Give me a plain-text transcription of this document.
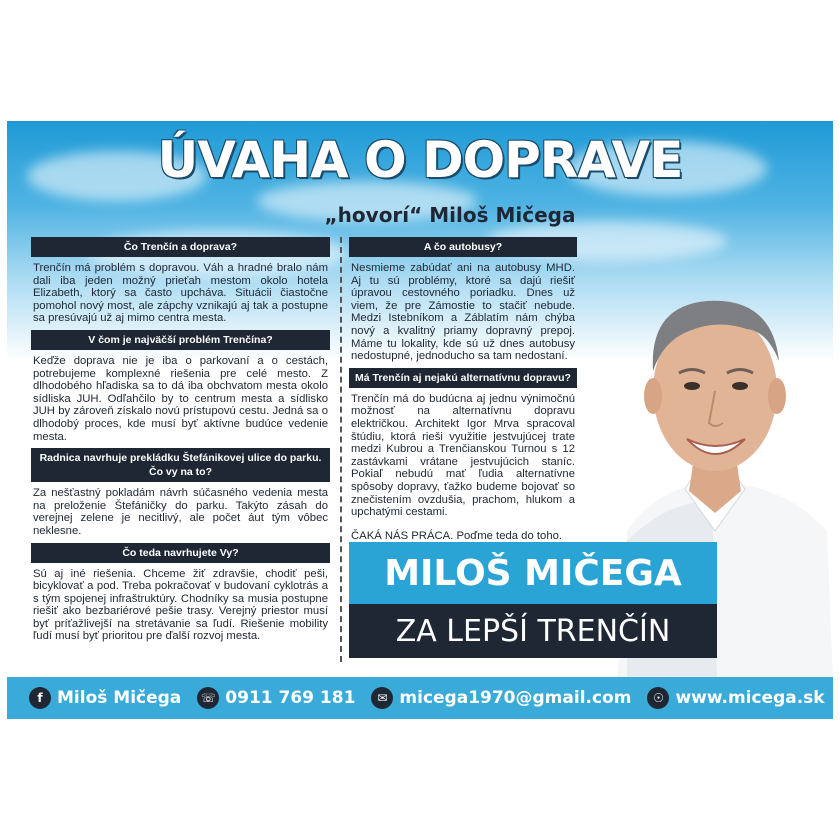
ÚVAHA O DOPRAVE
„hovorí“ Miloš Mičega
Čo Trenčín a doprava?
Trenčín má problém s dopravou. Váh a hradné bralo nám dali iba jeden možný prieťah mestom okolo hotela Elizabeth, ktorý sa často upcháva. Situácii čiastočne pomohol nový most, ale zápchy vznikajú aj tak a postupne sa presúvajú už aj mimo centra mesta.
V čom je najväčší problém Trenčína?
Keďže doprava nie je iba o parkovaní a o cestách, potrebujeme komplexné riešenia pre celé mesto. Z dlhodobého hľadiska sa to dá iba obchvatom mesta okolo sídliska JUH. Odľahčilo by to centrum mesta a sídlisko JUH by zároveň získalo novú prístupovú cestu. Jedná sa o dlhodobý proces, kde musí byť aktívne budúce vedenie mesta.
Radnica navrhuje prekládku Štefánikovej ulice do parku. Čo vy na to?
Za nešťastný pokladám návrh súčasného vedenia mesta na preloženie Štefáničky do parku. Takýto zásah do verejnej zelene je necitlivý, ale počet áut tým vôbec neklesne.
Čo teda navrhujete Vy?
Sú aj iné riešenia. Chceme žiť zdravšie, chodiť peši, bicyklovať a pod. Treba pokračovať v budovaní cyklotrás a s tým spojenej infraštruktúry. Chodníky sa musia postupne riešiť ako bezbariérové pešie trasy. Verejný priestor musí byť príťažlivejší na stretávanie sa ľudí. Riešenie mobility ľudí musí byť prioritou pre ďalší rozvoj mesta.
A čo autobusy?
Nesmieme zabúdať ani na autobusy MHD. Aj tu sú problémy, ktoré sa dajú riešiť úpravou cestovného poriadku. Dnes už viem, že pre Zámostie to stačiť nebude. Medzi Istebníkom a Záblatím nám chýba nový a kvalitný priamy dopravný prepoj. Máme tu lokality, kde sú už dnes autobusy nedostupné, jednoducho sa tam nedostaní.
Má Trenčín aj nejakú alternatívnu dopravu?
Trenčín má do budúcna aj jednu výnimočnú možnosť na alternatívnu dopravu električkou. Architekt Igor Mrva spracoval štúdiu, ktorá rieši využitie jestvujúcej trate medzi Kubrou a Trenčianskou Turnou s 12 zastávkami vrátane jestvujúcich staníc. Pokiaľ nebudú mať ľudia alternatívne spôsoby dopravy, ťažko budeme bojovať so znečistením ovzdušia, prachom, hlukom a upchatými cestami.
ČAKÁ NÁS PRÁCA. Poďme teda do toho.
MILOŠ MIČEGA
ZA LEPŠÍ TRENČÍN
f Miloš Mičega ☏ 0911 769 181	✉ micega1970@gmail.com	☉ www.micega.sk
